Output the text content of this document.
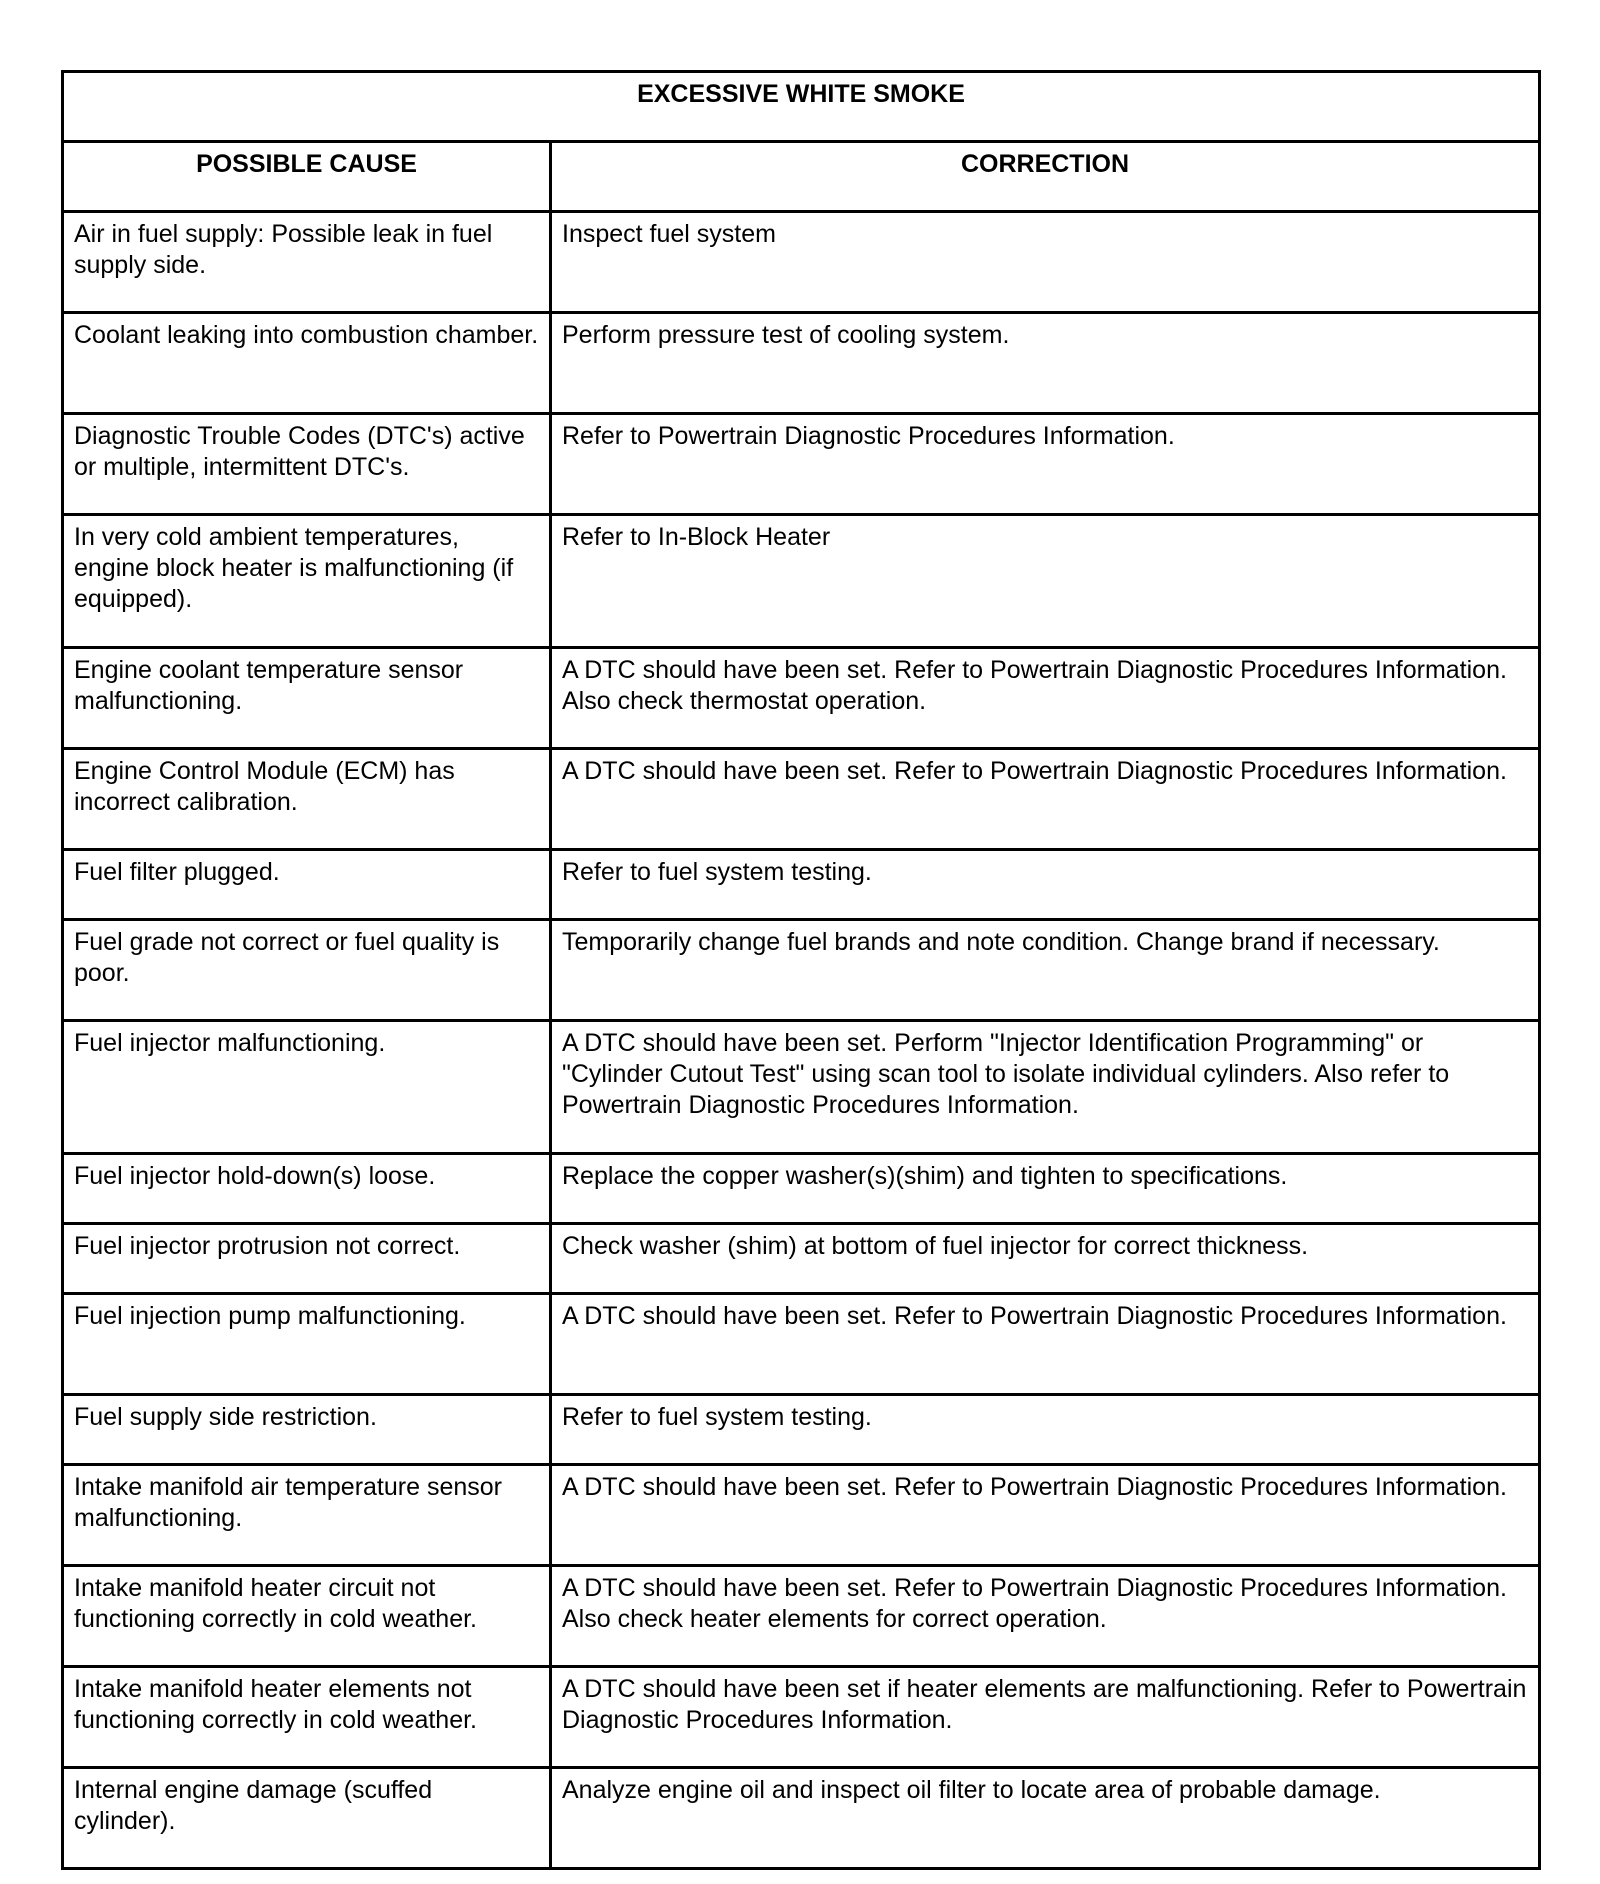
EXCESSIVE WHITE SMOKE	
POSSIBLE CAUSE	CORRECTION
Air in fuel supply: Possible leak in fuel supply side.	Inspect fuel system
Coolant leaking into combustion chamber.	Perform pressure test of cooling system.
Diagnostic Trouble Codes (DTC's) active or multiple, intermittent DTC's.	Refer to Powertrain Diagnostic Procedures Information.
In very cold ambient temperatures, engine block heater is malfunctioning (if equipped).	Refer to In-Block Heater
Engine coolant temperature sensor malfunctioning.	A DTC should have been set. Refer to Powertrain Diagnostic Procedures Information. Also check thermostat operation.
Engine Control Module (ECM) has incorrect calibration.	A DTC should have been set. Refer to Powertrain Diagnostic Procedures Information.
Fuel filter plugged.	Refer to fuel system testing.
Fuel grade not correct or fuel quality is poor.	Temporarily change fuel brands and note condition. Change brand if necessary.
Fuel injector malfunctioning.	A DTC should have been set. Perform "Injector Identification Programming" or "Cylinder Cutout Test" using scan tool to isolate individual cylinders. Also refer to Powertrain Diagnostic Procedures Information.
Fuel injector hold-down(s) loose.	Replace the copper washer(s)(shim) and tighten to specifications.
Fuel injector protrusion not correct.	Check washer (shim) at bottom of fuel injector for correct thickness.
Fuel injection pump malfunctioning.	A DTC should have been set. Refer to Powertrain Diagnostic Procedures Information.
Fuel supply side restriction.	Refer to fuel system testing.
Intake manifold air temperature sensor malfunctioning.	A DTC should have been set. Refer to Powertrain Diagnostic Procedures Information.
Intake manifold heater circuit not functioning correctly in cold weather.	A DTC should have been set. Refer to Powertrain Diagnostic Procedures Information. Also check heater elements for correct operation.
Intake manifold heater elements not functioning correctly in cold weather.	A DTC should have been set if heater elements are malfunctioning. Refer to Powertrain Diagnostic Procedures Information.
Internal engine damage (scuffed cylinder).	Analyze engine oil and inspect oil filter to locate area of probable damage.
